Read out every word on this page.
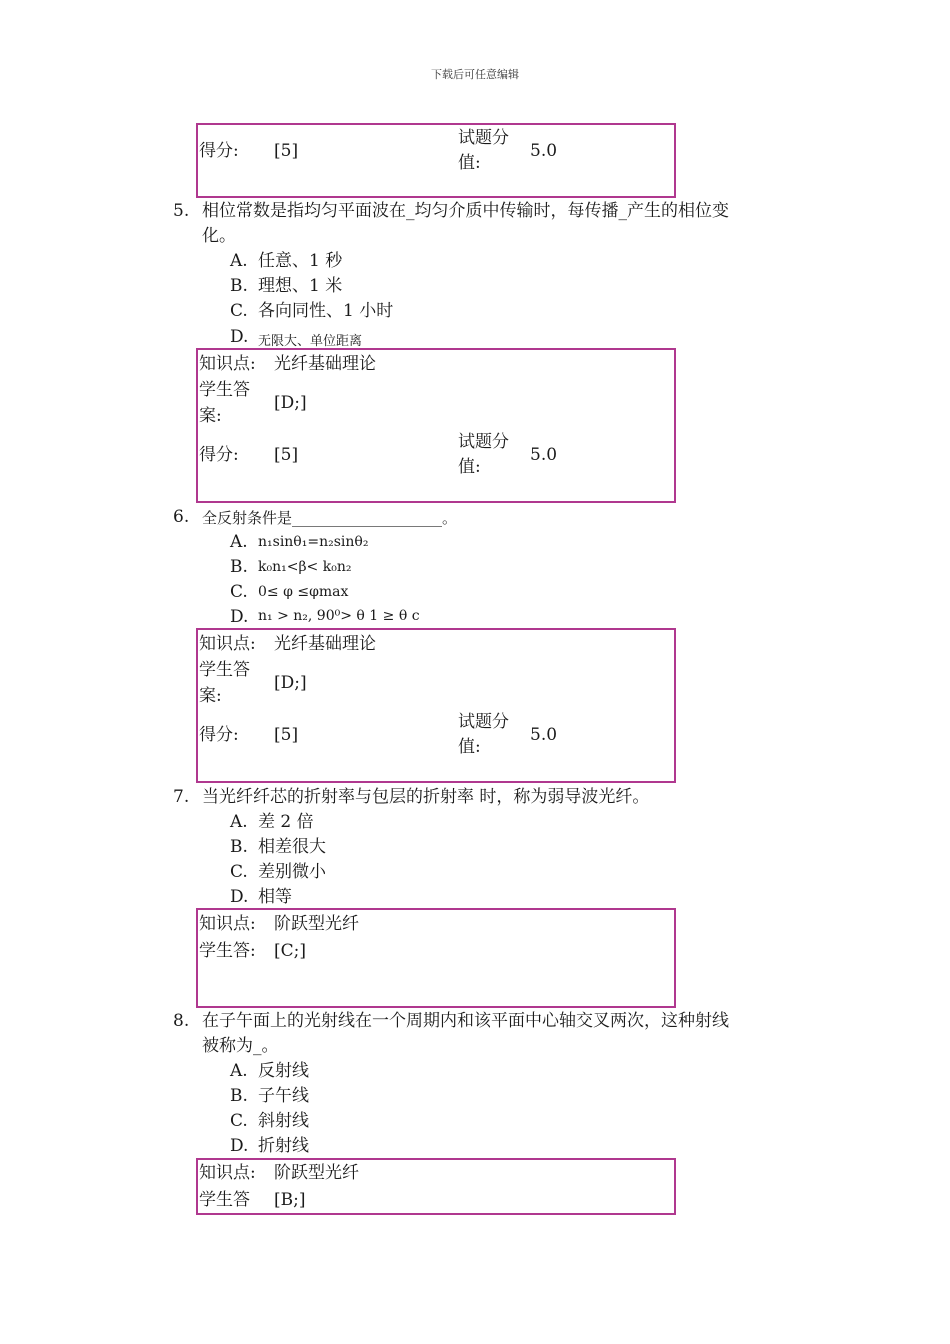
下载后可任意编辑
得分: [5]
试题分
值:
5.0
5. 相位常数是指均匀平面波在_均匀介质中传输时，每传播_产生的相位变
化。
A. 任意、1 秒
B. 理想、1 米
C. 各向同性、1 小时
D. 无限大、单位距离
知识点: 光纤基础理论
学生答
案:
[D;]
得分: [5]
试题分
值:
5.0
6. 全反射条件是____________________。
A. n₁sinθ₁=n₂sinθ₂
B. k₀n₁<β< k₀n₂
C. 0≤ φ ≤φmax
D. n₁ > n₂, 90⁰> θ 1 ≥ θ c
知识点: 光纤基础理论
学生答
案:
[D;]
得分: [5]
试题分
值:
5.0
7. 当光纤纤芯的折射率与包层的折射率 时，称为弱导波光纤。
A. 差 2 倍
B. 相差很大
C. 差别微小
D. 相等
知识点: 阶跃型光纤
学生答: [C;]
8. 在子午面上的光射线在一个周期内和该平面中心轴交叉两次，这种射线
被称为_。
A. 反射线
B. 子午线
C. 斜射线
D. 折射线
知识点: 阶跃型光纤
学生答 [B;]
